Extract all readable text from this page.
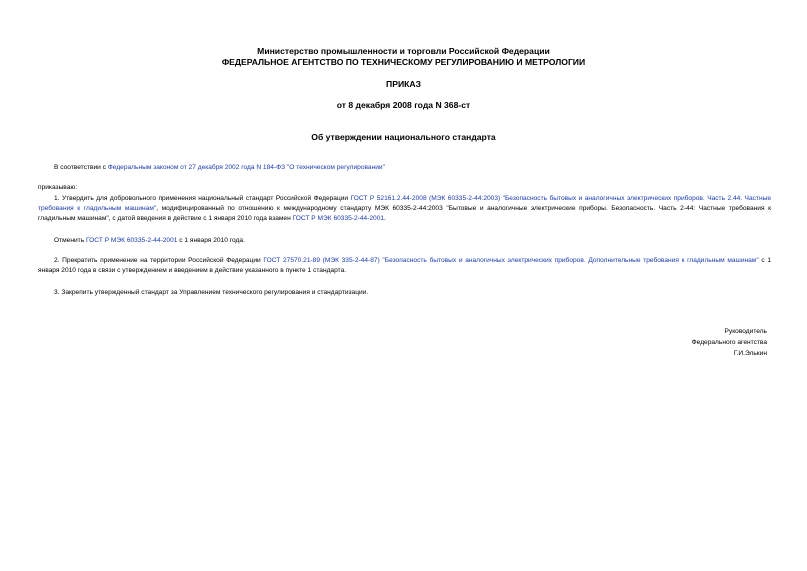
Министерство промышленности и торговли Российской Федерации
ФЕДЕРАЛЬНОЕ АГЕНТСТВО ПО ТЕХНИЧЕСКОМУ РЕГУЛИРОВАНИЮ И МЕТРОЛОГИИ
ПРИКАЗ
от 8 декабря 2008 года N 368-ст
Об утверждении национального стандарта
В соответствии с Федеральным законом от 27 декабря 2002 года N 184-ФЗ "О техническом регулировании"
приказываю:
1. Утвердить для добровольного применения национальный стандарт Российской Федерации ГОСТ Р 52161.2.44-2008 (МЭК 60335-2-44:2003) "Безопасность бытовых и аналогичных электрических приборов. Часть 2.44. Частные требования к гладильным машинам", модифицированный по отношению к международному стандарту МЭК 60335-2-44:2003 "Бытовые и аналогичные электрические приборы. Безопасность. Часть 2-44: Частные требования к гладильным машинам", с датой введения в действие с 1 января 2010 года взамен ГОСТ Р МЭК 60335-2-44-2001.
Отменить ГОСТ Р МЭК 60335-2-44-2001 с 1 января 2010 года.
2. Прекратить применение на территории Российской Федерации ГОСТ 27570.21-89 (МЭК 335-2-44-87) "Безопасность бытовых и аналогичных электрических приборов. Дополнительные требования к гладильным машинам" с 1 января 2010 года в связи с утверждением и введением в действие указанного в пункте 1 стандарта.
3. Закрепить утвержденный стандарт за Управлением технического регулирования и стандартизации.
Руководитель
Федерального агентства
Г.И.Элькин
